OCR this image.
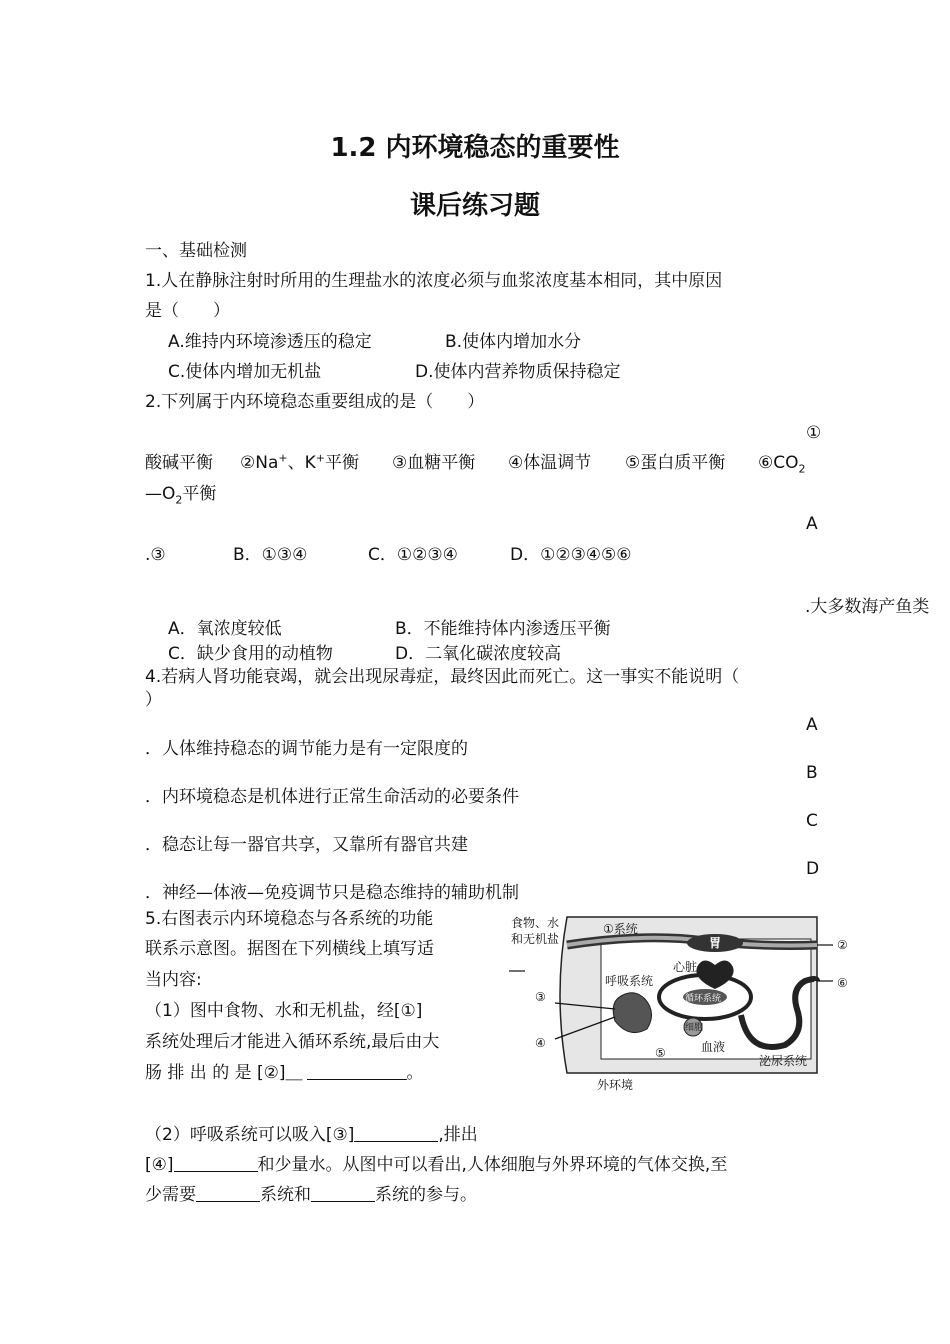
1.2 内环境稳态的重要性
课后练习题
一、基础检测
1.人在静脉注射时所用的生理盐水的浓度必须与血浆浓度基本相同，其中原因
是（　　）
A.维持内环境渗透压的稳定	B.使体内增加水分
C.使体内增加无机盐	D.使体内营养物质保持稳定
2.下列属于内环境稳态重要组成的是（　　）
①
酸碱平衡 ②Na+、K+平衡 ③血糖平衡 ④体温调节 ⑤蛋白质平衡 $⑥CO_2$
$—O_2$平衡
A
.③	B．①③④	C．①②③④	D．①②③④⑤⑥
.大多数海产鱼类
A．氧浓度较低	B．不能维持体内渗透压平衡
C．缺少食用的动植物	D．二氧化碳浓度较高
4.若病人肾功能衰竭，就会出现尿毒症，最终因此而死亡。这一事实不能说明（
）
A
．人体维持稳态的调节能力是有一定限度的
B
．内环境稳态是机体进行正常生命活动的必要条件
C
．稳态让每一器官共享，又靠所有器官共建
D
．神经—体液—免疫调节只是稳态维持的辅助机制
5.右图表示内环境稳态与各系统的功能
联系示意图。据图在下列横线上填写适
当内容:
（1）图中食物、水和无机盐，经[①]
系统处理后才能进入循环系统,最后由大
肠 排 出 的 是 [②]＿	。
（2）呼吸系统可以吸入[③]	,排出
[④]	和少量水。从图中可以看出,人体细胞与外界环境的气体交换,至
少需要	系统和	系统的参与。
食物、水
和无机盐
①系统
胃
心脏
呼吸系统
循环系统
细胞
血液
泌尿系统
外环境
②
③
④
⑤
⑥
